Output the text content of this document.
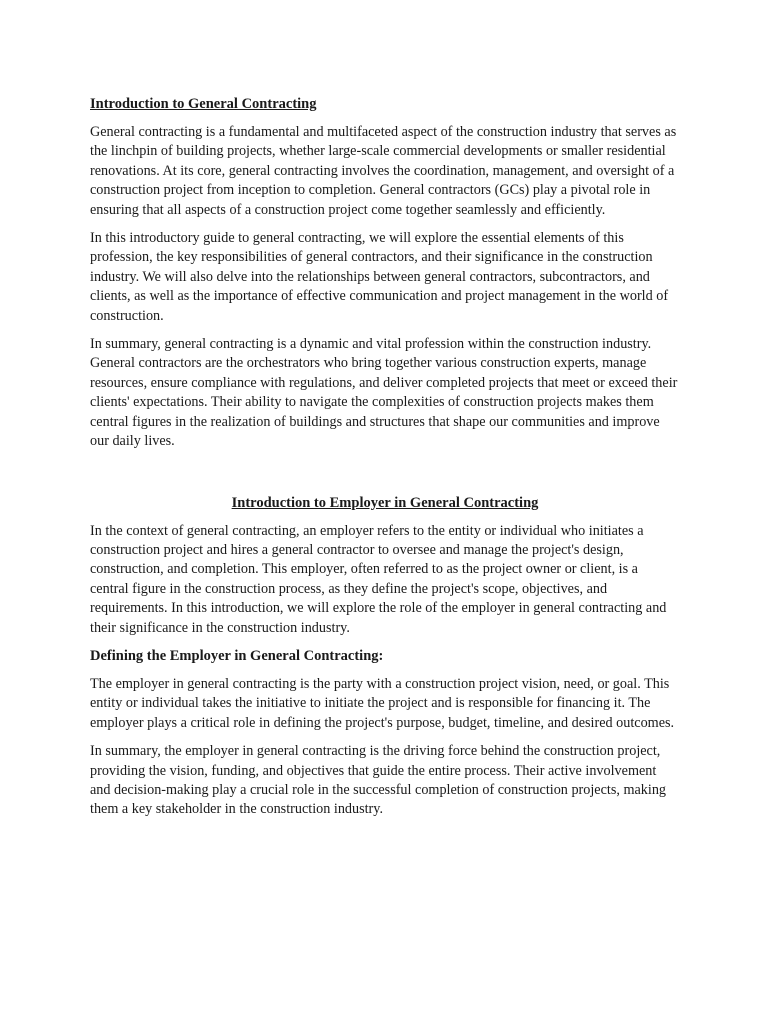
Introduction to General Contracting

General contracting is a fundamental and multifaceted aspect of the construction industry that serves as the linchpin of building projects, whether large-scale commercial developments or smaller residential renovations. At its core, general contracting involves the coordination, management, and oversight of a construction project from inception to completion. General contractors (GCs) play a pivotal role in ensuring that all aspects of a construction project come together seamlessly and efficiently.

In this introductory guide to general contracting, we will explore the essential elements of this profession, the key responsibilities of general contractors, and their significance in the construction industry. We will also delve into the relationships between general contractors, subcontractors, and clients, as well as the importance of effective communication and project management in the world of construction.

In summary, general contracting is a dynamic and vital profession within the construction industry. General contractors are the orchestrators who bring together various construction experts, manage resources, ensure compliance with regulations, and deliver completed projects that meet or exceed their clients' expectations. Their ability to navigate the complexities of construction projects makes them central figures in the realization of buildings and structures that shape our communities and improve our daily lives.

Introduction to Employer in General Contracting

In the context of general contracting, an employer refers to the entity or individual who initiates a construction project and hires a general contractor to oversee and manage the project's design, construction, and completion. This employer, often referred to as the project owner or client, is a central figure in the construction process, as they define the project's scope, objectives, and requirements. In this introduction, we will explore the role of the employer in general contracting and their significance in the construction industry.

Defining the Employer in General Contracting:

The employer in general contracting is the party with a construction project vision, need, or goal. This entity or individual takes the initiative to initiate the project and is responsible for financing it. The employer plays a critical role in defining the project's purpose, budget, timeline, and desired outcomes.

In summary, the employer in general contracting is the driving force behind the construction project, providing the vision, funding, and objectives that guide the entire process. Their active involvement and decision-making play a crucial role in the successful completion of construction projects, making them a key stakeholder in the construction industry.
